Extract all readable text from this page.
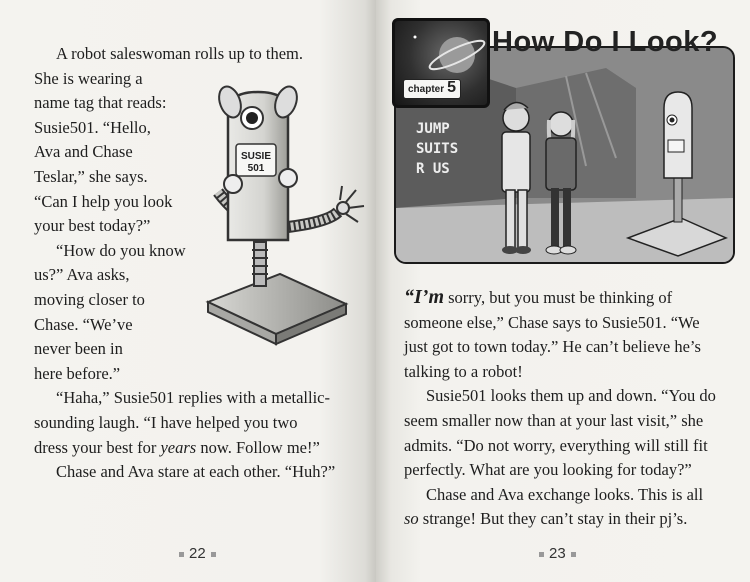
A robot saleswoman rolls up to them.

She is wearing a

name tag that reads:

Susie501. “Hello,

Ava and Chase

Teslar,” she says.

“Can I help you look

your best today?”

“How do you know

us?” Ava asks,

moving closer to

Chase. “We’ve

never been in

here before.”

“Haha,” Susie501 replies with a metallic-

sounding laugh. “I have helped you two

dress your best for years now. Follow me!”

Chase and Ava stare at each other. “Huh?”

SUSIE
501
22
JUMP
SUITS
R US
chapter 5
How Do I Look?

“I’m sorry, but you must be thinking of

someone else,” Chase says to Susie501. “We

just got to town today.” He can’t believe he’s

talking to a robot!

Susie501 looks them up and down. “You do

seem smaller now than at your last visit,” she

admits. “Do not worry, everything will still fit

perfectly. What are you looking for today?”

Chase and Ava exchange looks. This is all

so strange! But they can’t stay in their pj’s.

23
